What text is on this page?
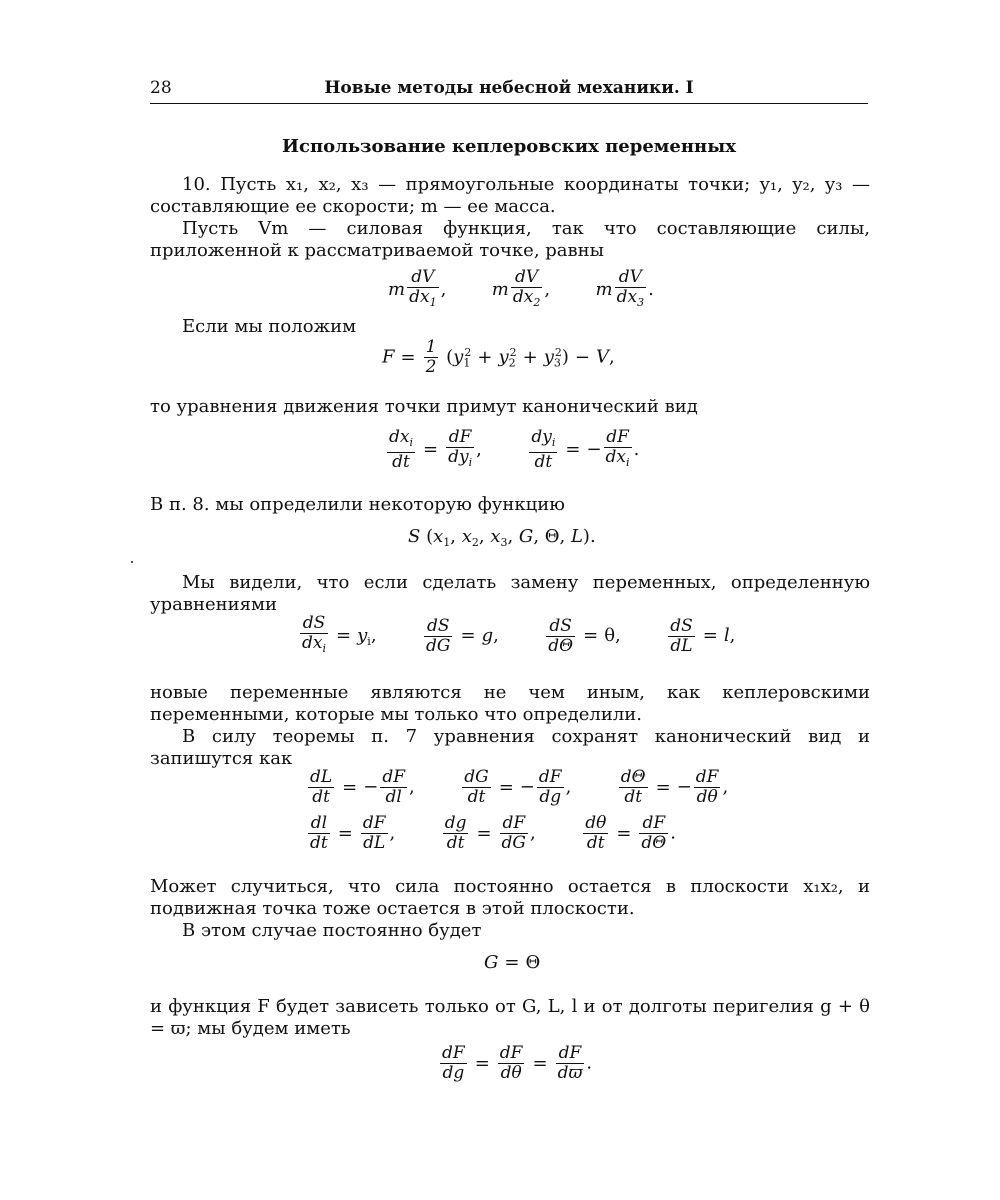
28	Новые методы небесной механики. I
Использование кеплеровских переменных

10. Пусть x₁, x₂, x₃ — прямоугольные координаты точки; y₁, y₂, y₃ — составляющие ее скорости; m — ее масса.

Пусть Vm — силовая функция, так что составляющие силы, приложенной к рассматриваемой точке, равны

m $\frac{dV}{dx_1}$ ,  m $\frac{dV}{dx_2}$ ,  m $\frac{dV}{dx_3}$ .

Если мы положим

$F = \frac{1}{2} (y_1^2 + y_2^2 + y_3^2) - V$,

то уравнения движения точки примут канонический вид

$dx_i$
dt
=
dF
$dy_i$
,
$dy_i$
dt
= −
dF
$dx_i$
.

В п. 8. мы определили некоторую функцию

S ($x_1$, $x_2$, $x_3$, G, Θ, L).

Мы видели, что если сделать замену переменных, определенную уравнениями

dS
$dx_i$
= $y_i$, $\frac{dS}{dG} = g$, $\frac{dS}{d\Theta} = \theta$, $\frac{dS}{dL} = l$,

новые переменные являются не чем иным, как кеплеровскими переменными, которые мы только что определили.

В силу теоремы п. 7 уравнения сохранят канонический вид и запишутся как

$\frac{dL}{dt}$ = − $\frac{dF}{dl}$ , $\frac{dG}{dt}$ = − $\frac{dF}{dg}$ , $\frac{d\Theta}{dt}$ = − $\frac{dF}{d\theta}$ ,
$\frac{dl}{dt} = \frac{dF}{dL}$ , $\frac{dg}{dt} = \frac{dF}{dG}$ , $\frac{d\theta}{dt} = \frac{dF}{d\Theta}$ .

Может случиться, что сила постоянно остается в плоскости x₁x₂, и подвижная точка тоже остается в этой плоскости.

В этом случае постоянно будет

G = Θ

и функция F будет зависеть только от G, L, l и от долготы перигелия g + θ = ϖ; мы будем иметь

$\frac{dF}{dg} = \frac{dF}{d\theta} = \frac{dF}{dϖ}$ .
